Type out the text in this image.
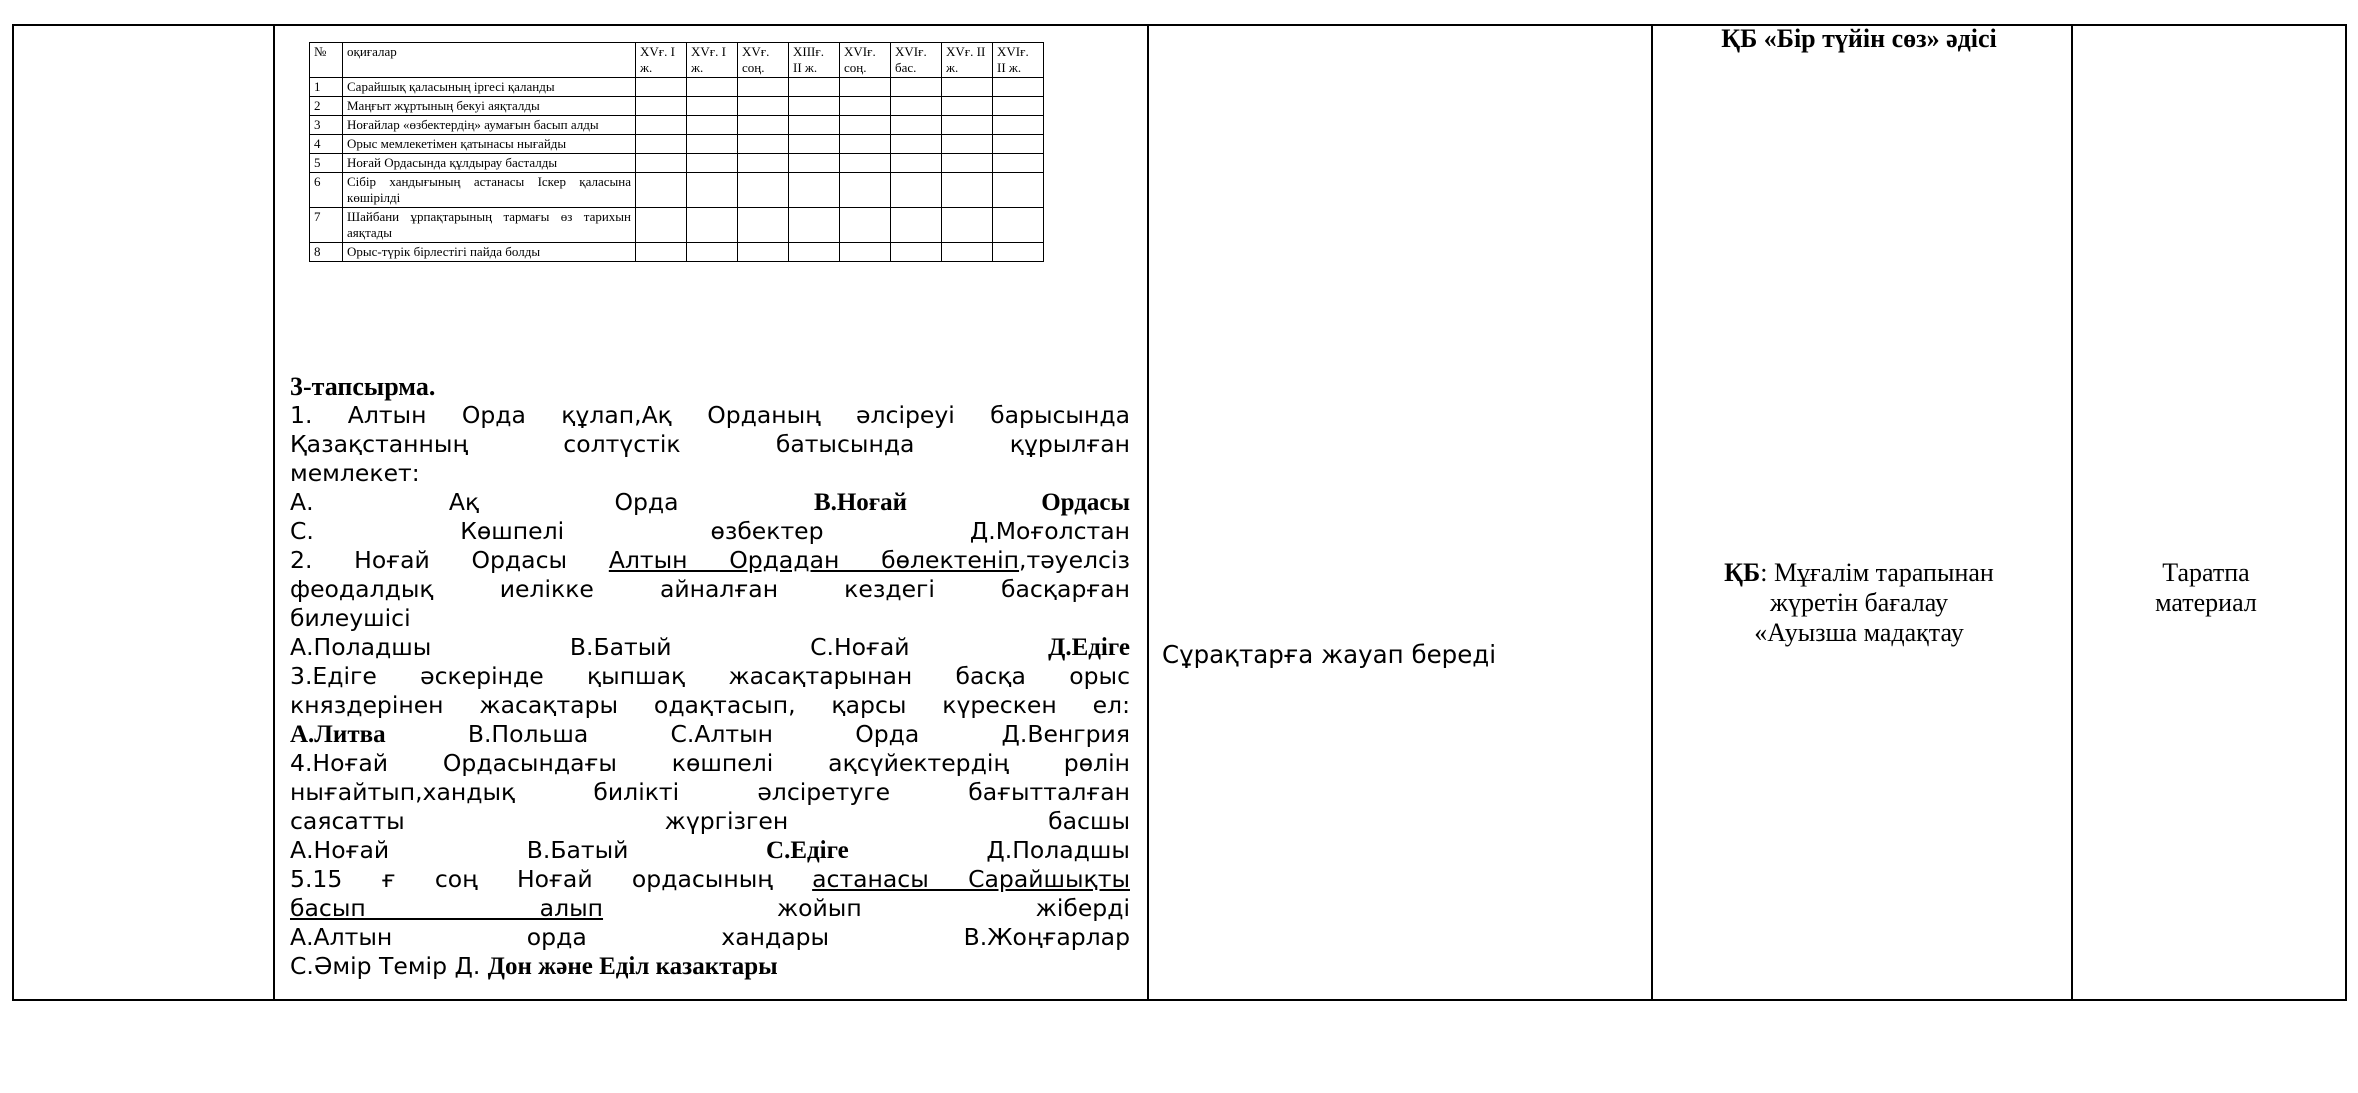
№	оқиғалар	XVғ. I ж.	XVғ. I ж.	XVғ. соң.	XIIIғ. II ж.	XVIғ. соң.	XVIғ. бас.	XVғ. II ж.	XVIғ. II ж.
1	Сарайшық қаласының іргесі қаланды								
2	Маңғыт жұртының бекуі аяқталды								
3	Ноғайлар «өзбектердің» аумағын басып алды								
4	Орыс мемлекетімен қатынасы нығайды								
5	Ноғай Ордасында құлдырау басталды								
6	Сібір хандығының астанасы Іскер қаласына көшірілді								
7	Шайбани ұрпақтарының тармағы өз тарихын аяқтады								
8	Орыс-түрік бірлестігі пайда болды								
3-тапсырма.
1. Алтын Орда құлап,Ақ Орданың әлсіреуі барысында
Қазақстанның солтүстік батысында құрылған
мемлекет:
А. Ақ Орда	В.Ноғай Ордасы
С. Көшпелі өзбектер	Д.Моғолстан
2. Ноғай Ордасы Алтын Ордадан бөлектеніп,тәуелсіз
феодалдық иелікке айналған кездегі басқарған
билеушісі
А.Поладшы	В.Батый	С.Ноғай	Д.Едіге
3.Едіге әскерінде қыпшақ жасақтарынан басқа орыс
княздерінен жасақтары одақтасып, қарсы күрескен ел:
А.Литва	В.Польша	С.Алтын Орда	Д.Венгрия
4.Ноғай Ордасындағы көшпелі ақсүйектердің рөлін
нығайтып,хандық билікті әлсіретуге бағытталған
саясатты жүргізген басшы
А.Ноғай	В.Батый	С.Едіге	Д.Поладшы
5.15 ғ соң Ноғай ордасының астанасы Сарайшықты
басып алып жойып жіберді
А.Алтын орда хандары	В.Жоңғарлар
С.Әмір Темір Д. Дон және Еділ казактары
Сұрақтарға жауап береді
ҚБ «Бір түйін сөз» әдісі
ҚБ: Мұғалім тарапынан
жүретін бағалау
«Ауызша мадақтау
Таратпа
материал
